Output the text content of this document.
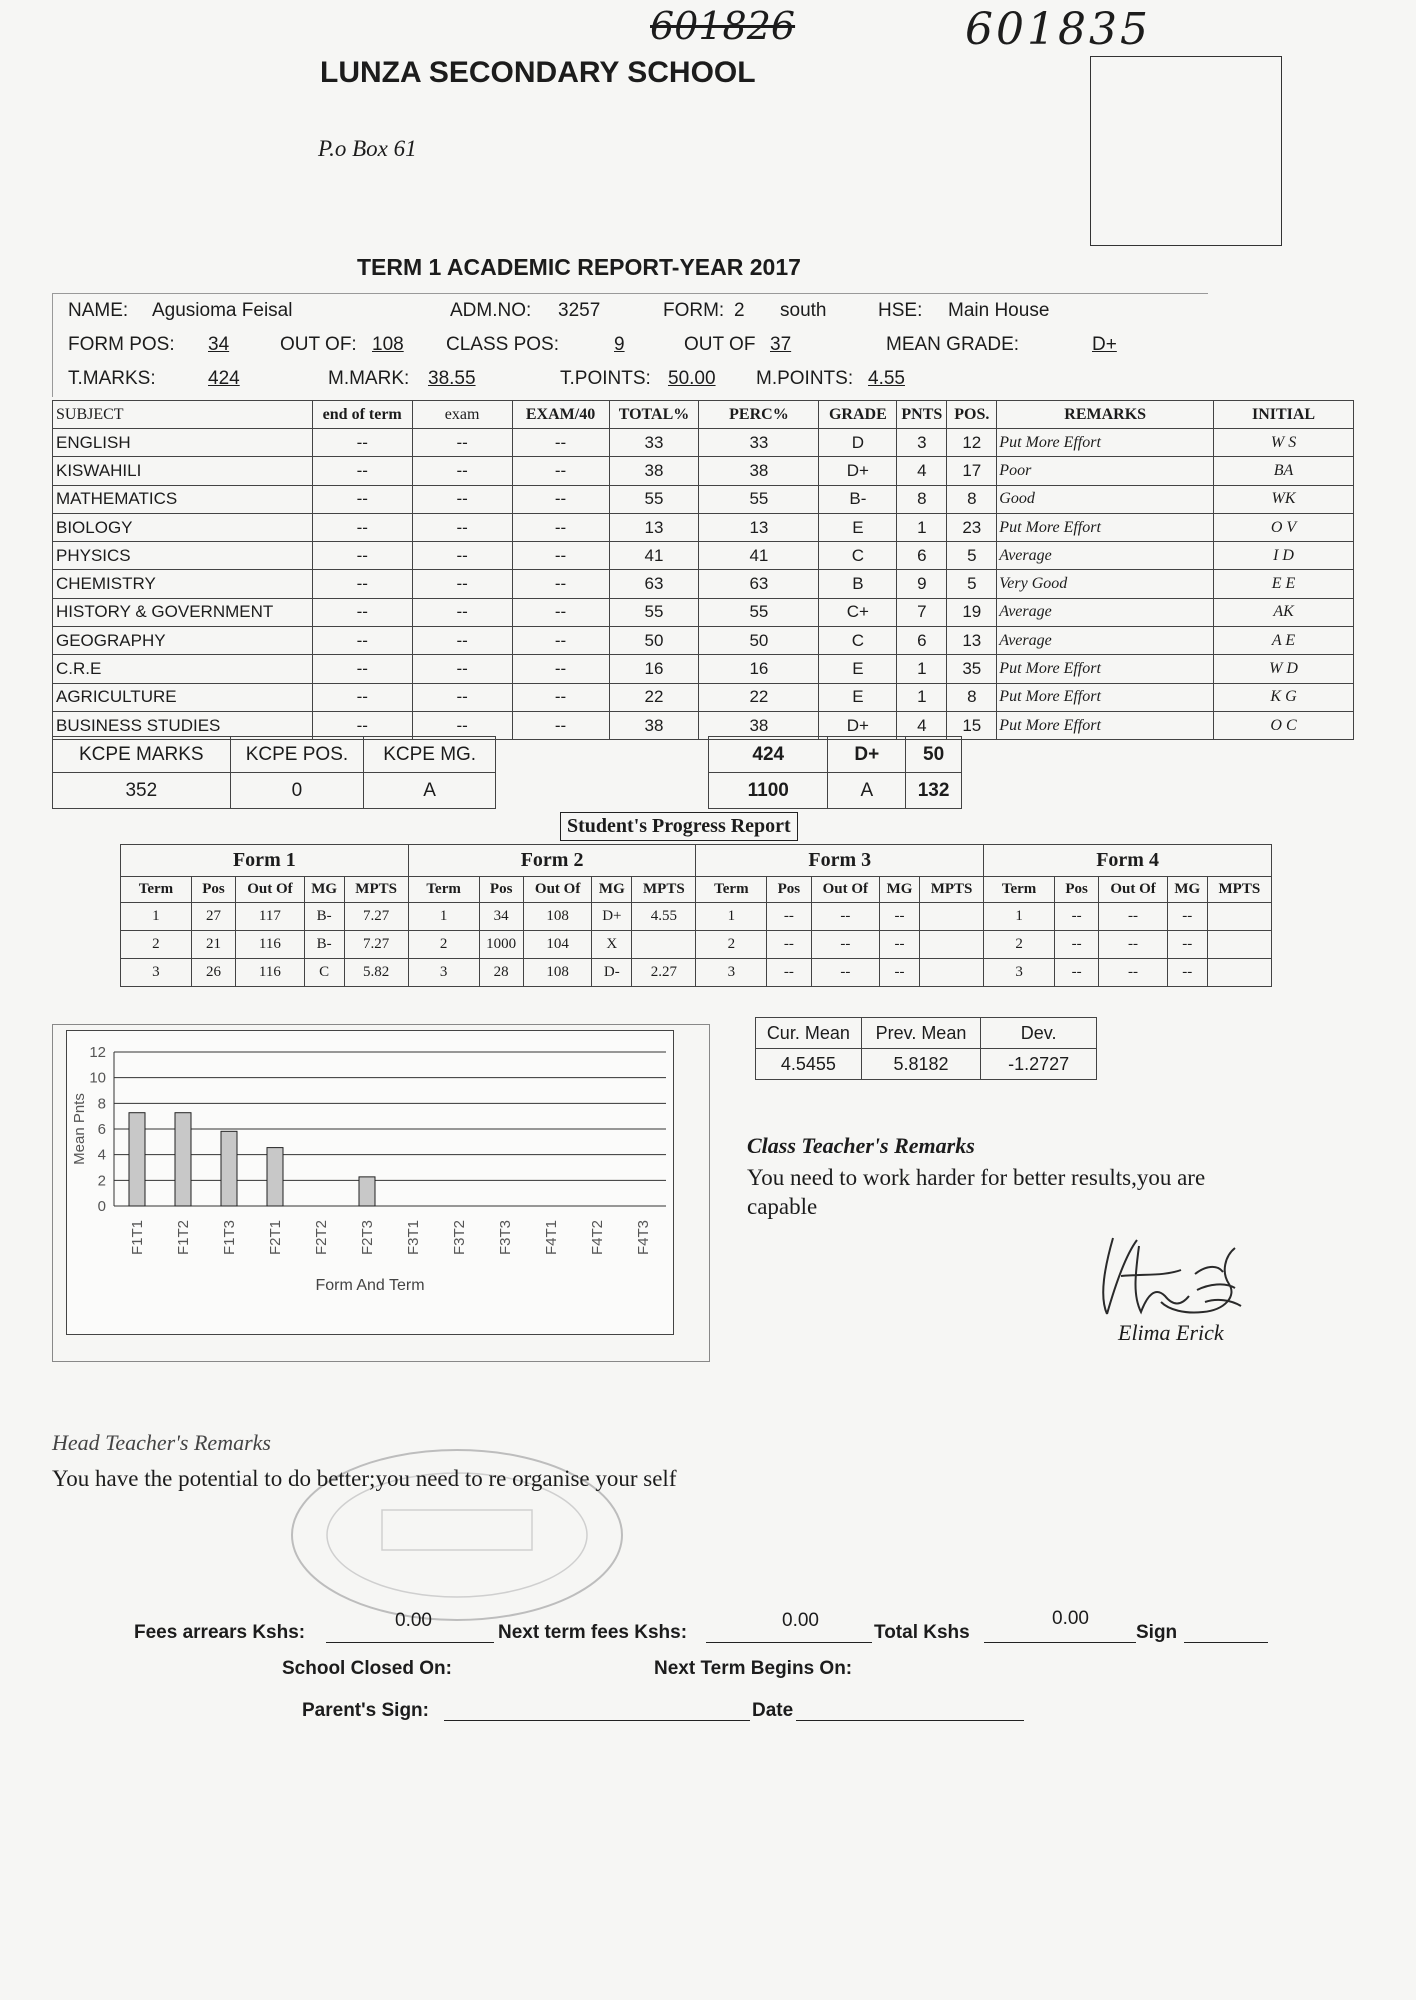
601826	601835
LUNZA SECONDARY SCHOOL
P.o Box 61
TERM 1 ACADEMIC REPORT-YEAR 2017
NAME: Agusioma Feisal	ADM.NO: 3257	FORM: 2 south	HSE: Main House
FORM POS: 34	OUT OF: 108 CLASS POS:	9	OUT OF 37	MEAN GRADE:	D+
T.MARKS:	424	M.MARK: 38.55	T.POINTS: 50.00 M.POINTS: 4.55
SUBJECT	end of term	exam	EXAM/40	TOTAL%	PERC%	GRADE	PNTS	POS.	REMARKS	INITIAL
ENGLISH	--	--	--	33	33	D	3	12	Put More Effort	W S
KISWAHILI	--	--	--	38	38	D+	4	17	Poor	BA
MATHEMATICS	--	--	--	55	55	B-	8	8	Good	WK
BIOLOGY	--	--	--	13	13	E	1	23	Put More Effort	O V
PHYSICS	--	--	--	41	41	C	6	5	Average	I D
CHEMISTRY	--	--	--	63	63	B	9	5	Very Good	E E
HISTORY & GOVERNMENT	--	--	--	55	55	C+	7	19	Average	AK
GEOGRAPHY	--	--	--	50	50	C	6	13	Average	A E
C.R.E	--	--	--	16	16	E	1	35	Put More Effort	W D
AGRICULTURE	--	--	--	22	22	E	1	8	Put More Effort	K G
BUSINESS STUDIES	--	--	--	38	38	D+	4	15	Put More Effort	O C
KCPE MARKS	KCPE POS.	KCPE MG.
352	0	A
424	D+	50
1100	A	132
Student's Progress Report
Form 1					Form 2					Form 3					Form 4				
Term	Pos	Out Of	MG	MPTS	Term	Pos	Out Of	MG	MPTS	Term	Pos	Out Of	MG	MPTS	Term	Pos	Out Of	MG	MPTS
1	27	117	B-	7.27	1	34	108	D+	4.55	1	--	--	--		1	--	--	--	
2	21	116	B-	7.27	2	1000	104	X		2	--	--	--		2	--	--	--	
3	26	116	C	5.82	3	28	108	D-	2.27	3	--	--	--		3	--	--	--	
Cur. Mean	Prev. Mean	Dev.
4.5455	5.8182	-1.2727
0
2
4
6
8
10
12
F1T1 F1T2 F1T3 F2T1 F2T2 F2T3 F3T1 F3T2 F3T3 F4T1 F4T2 F4T3
Mean Pnts
Form And Term
Class Teacher's Remarks
You need to work harder for better results,you are capable
Elima Erick
Head Teacher's Remarks
You have the potential to do better;you need to re organise your self
Fees arrears Kshs:
0.00
Next term fees Kshs:
0.00
Total Kshs
0.00
Sign
School Closed On:	Next Term Begins On:
Parent's Sign:	Date
